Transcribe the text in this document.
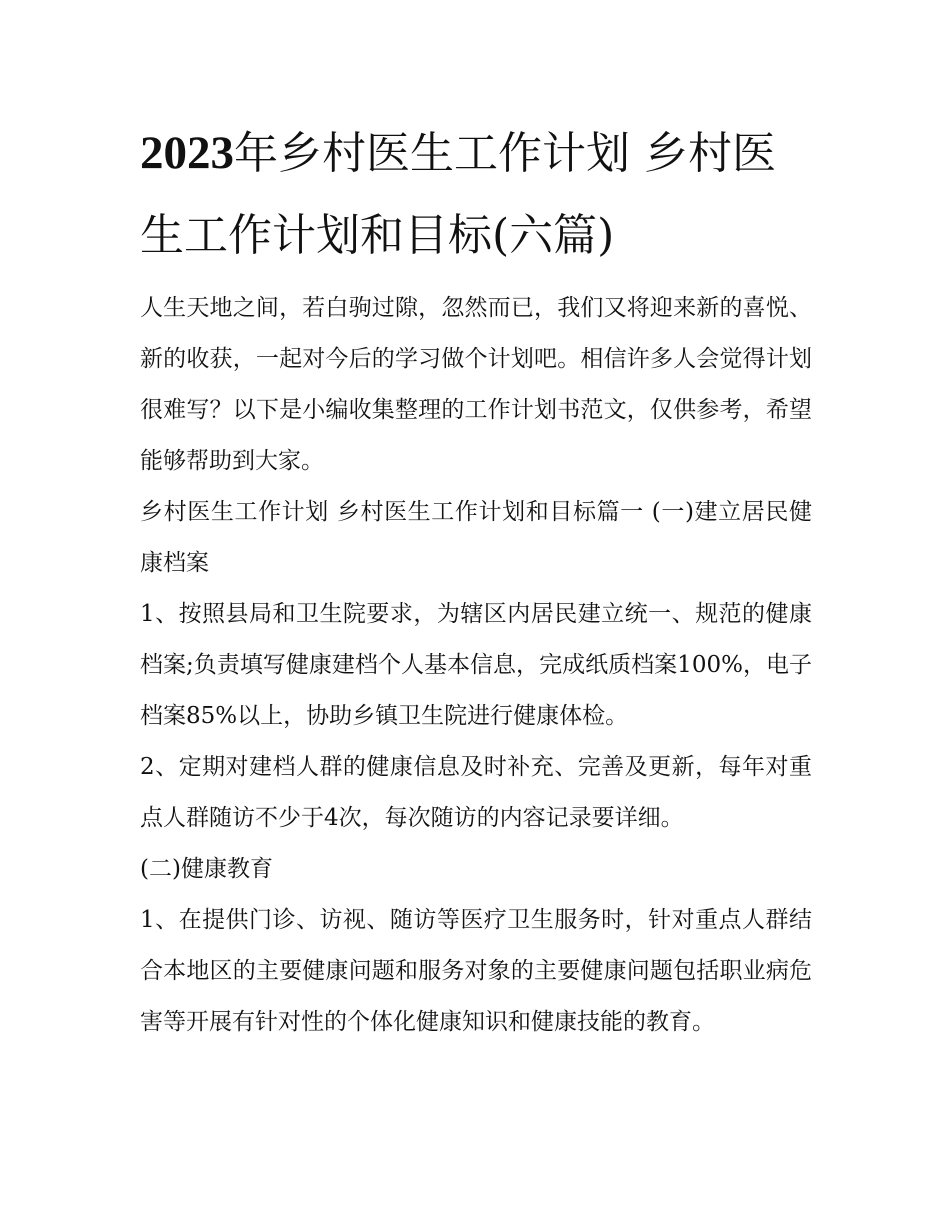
2023年乡村医生工作计划 乡村医生工作计划和目标(六篇)

人生天地之间，若白驹过隙，忽然而已，我们又将迎来新的喜悦、新的收获，一起对今后的学习做个计划吧。相信许多人会觉得计划很难写？以下是小编收集整理的工作计划书范文，仅供参考，希望能够帮助到大家。

乡村医生工作计划 乡村医生工作计划和目标篇一 (一)建立居民健康档案

1、按照县局和卫生院要求，为辖区内居民建立统一、规范的健康档案;负责填写健康建档个人基本信息，完成纸质档案100%，电子档案85%以上，协助乡镇卫生院进行健康体检。

2、定期对建档人群的健康信息及时补充、完善及更新，每年对重点人群随访不少于4次，每次随访的内容记录要详细。

(二)健康教育

1、在提供门诊、访视、随访等医疗卫生服务时，针对重点人群结合本地区的主要健康问题和服务对象的主要健康问题包括职业病危害等开展有针对性的个体化健康知识和健康技能的教育。
